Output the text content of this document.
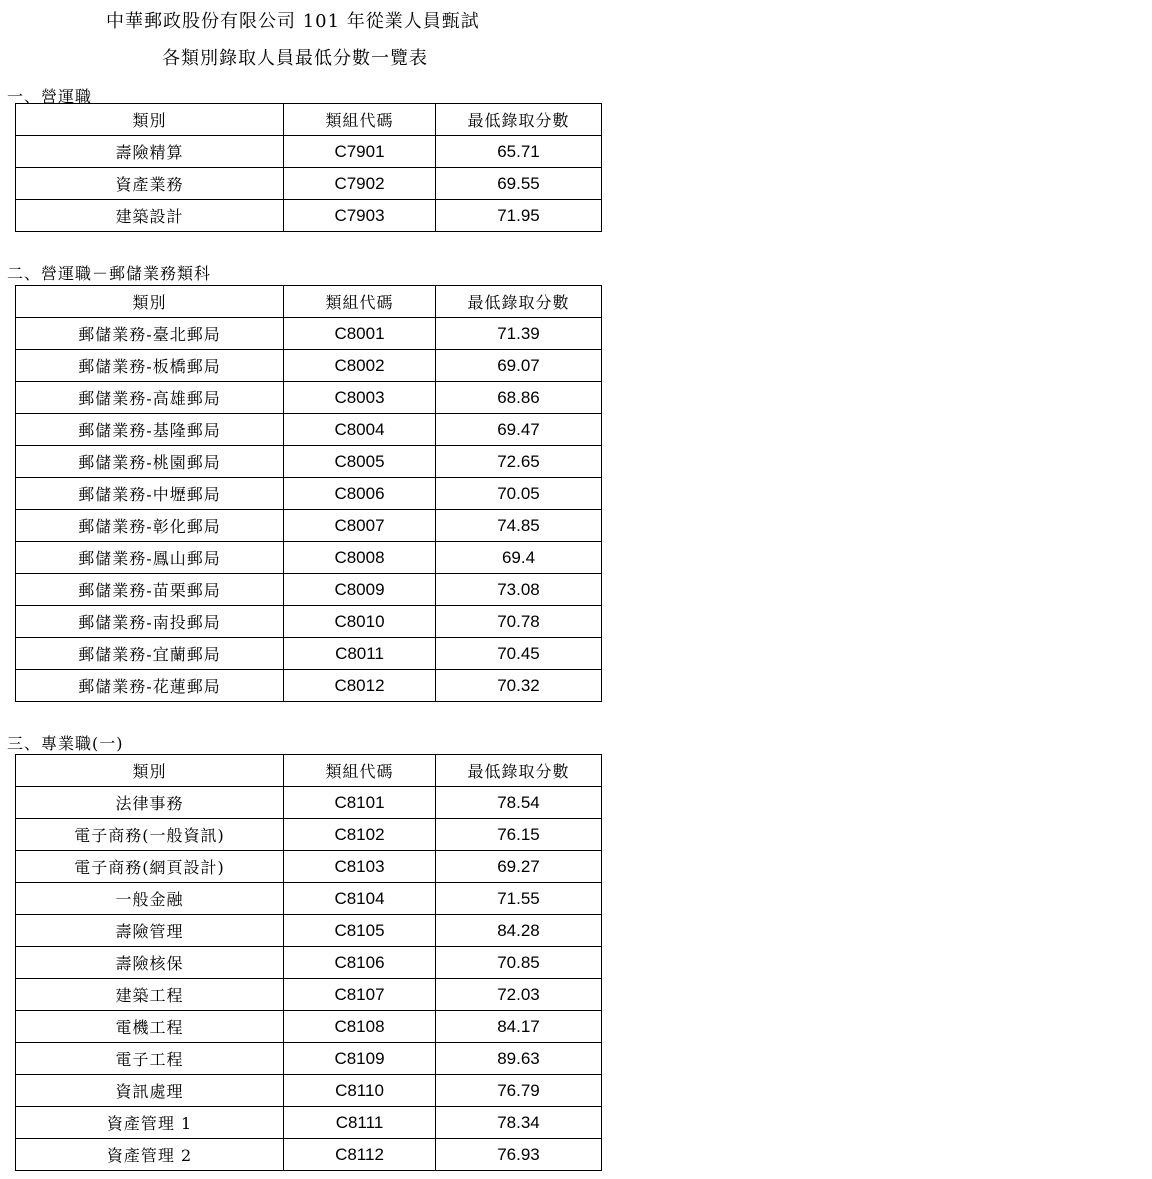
中華郵政股份有限公司 101 年從業人員甄試
各類別錄取人員最低分數一覽表
一、營運職
類別	類組代碼	最低錄取分數
壽險精算	C7901	65.71
資產業務	C7902	69.55
建築設計	C7903	71.95
二、營運職－郵儲業務類科
類別	類組代碼	最低錄取分數
郵儲業務-臺北郵局	C8001	71.39
郵儲業務-板橋郵局	C8002	69.07
郵儲業務-高雄郵局	C8003	68.86
郵儲業務-基隆郵局	C8004	69.47
郵儲業務-桃園郵局	C8005	72.65
郵儲業務-中壢郵局	C8006	70.05
郵儲業務-彰化郵局	C8007	74.85
郵儲業務-鳳山郵局	C8008	69.4
郵儲業務-苗栗郵局	C8009	73.08
郵儲業務-南投郵局	C8010	70.78
郵儲業務-宜蘭郵局	C8011	70.45
郵儲業務-花蓮郵局	C8012	70.32
三、專業職(一)
類別	類組代碼	最低錄取分數
法律事務	C8101	78.54
電子商務(一般資訊)	C8102	76.15
電子商務(網頁設計)	C8103	69.27
一般金融	C8104	71.55
壽險管理	C8105	84.28
壽險核保	C8106	70.85
建築工程	C8107	72.03
電機工程	C8108	84.17
電子工程	C8109	89.63
資訊處理	C8110	76.79
資產管理 1	C8111	78.34
資產管理 2	C8112	76.93
